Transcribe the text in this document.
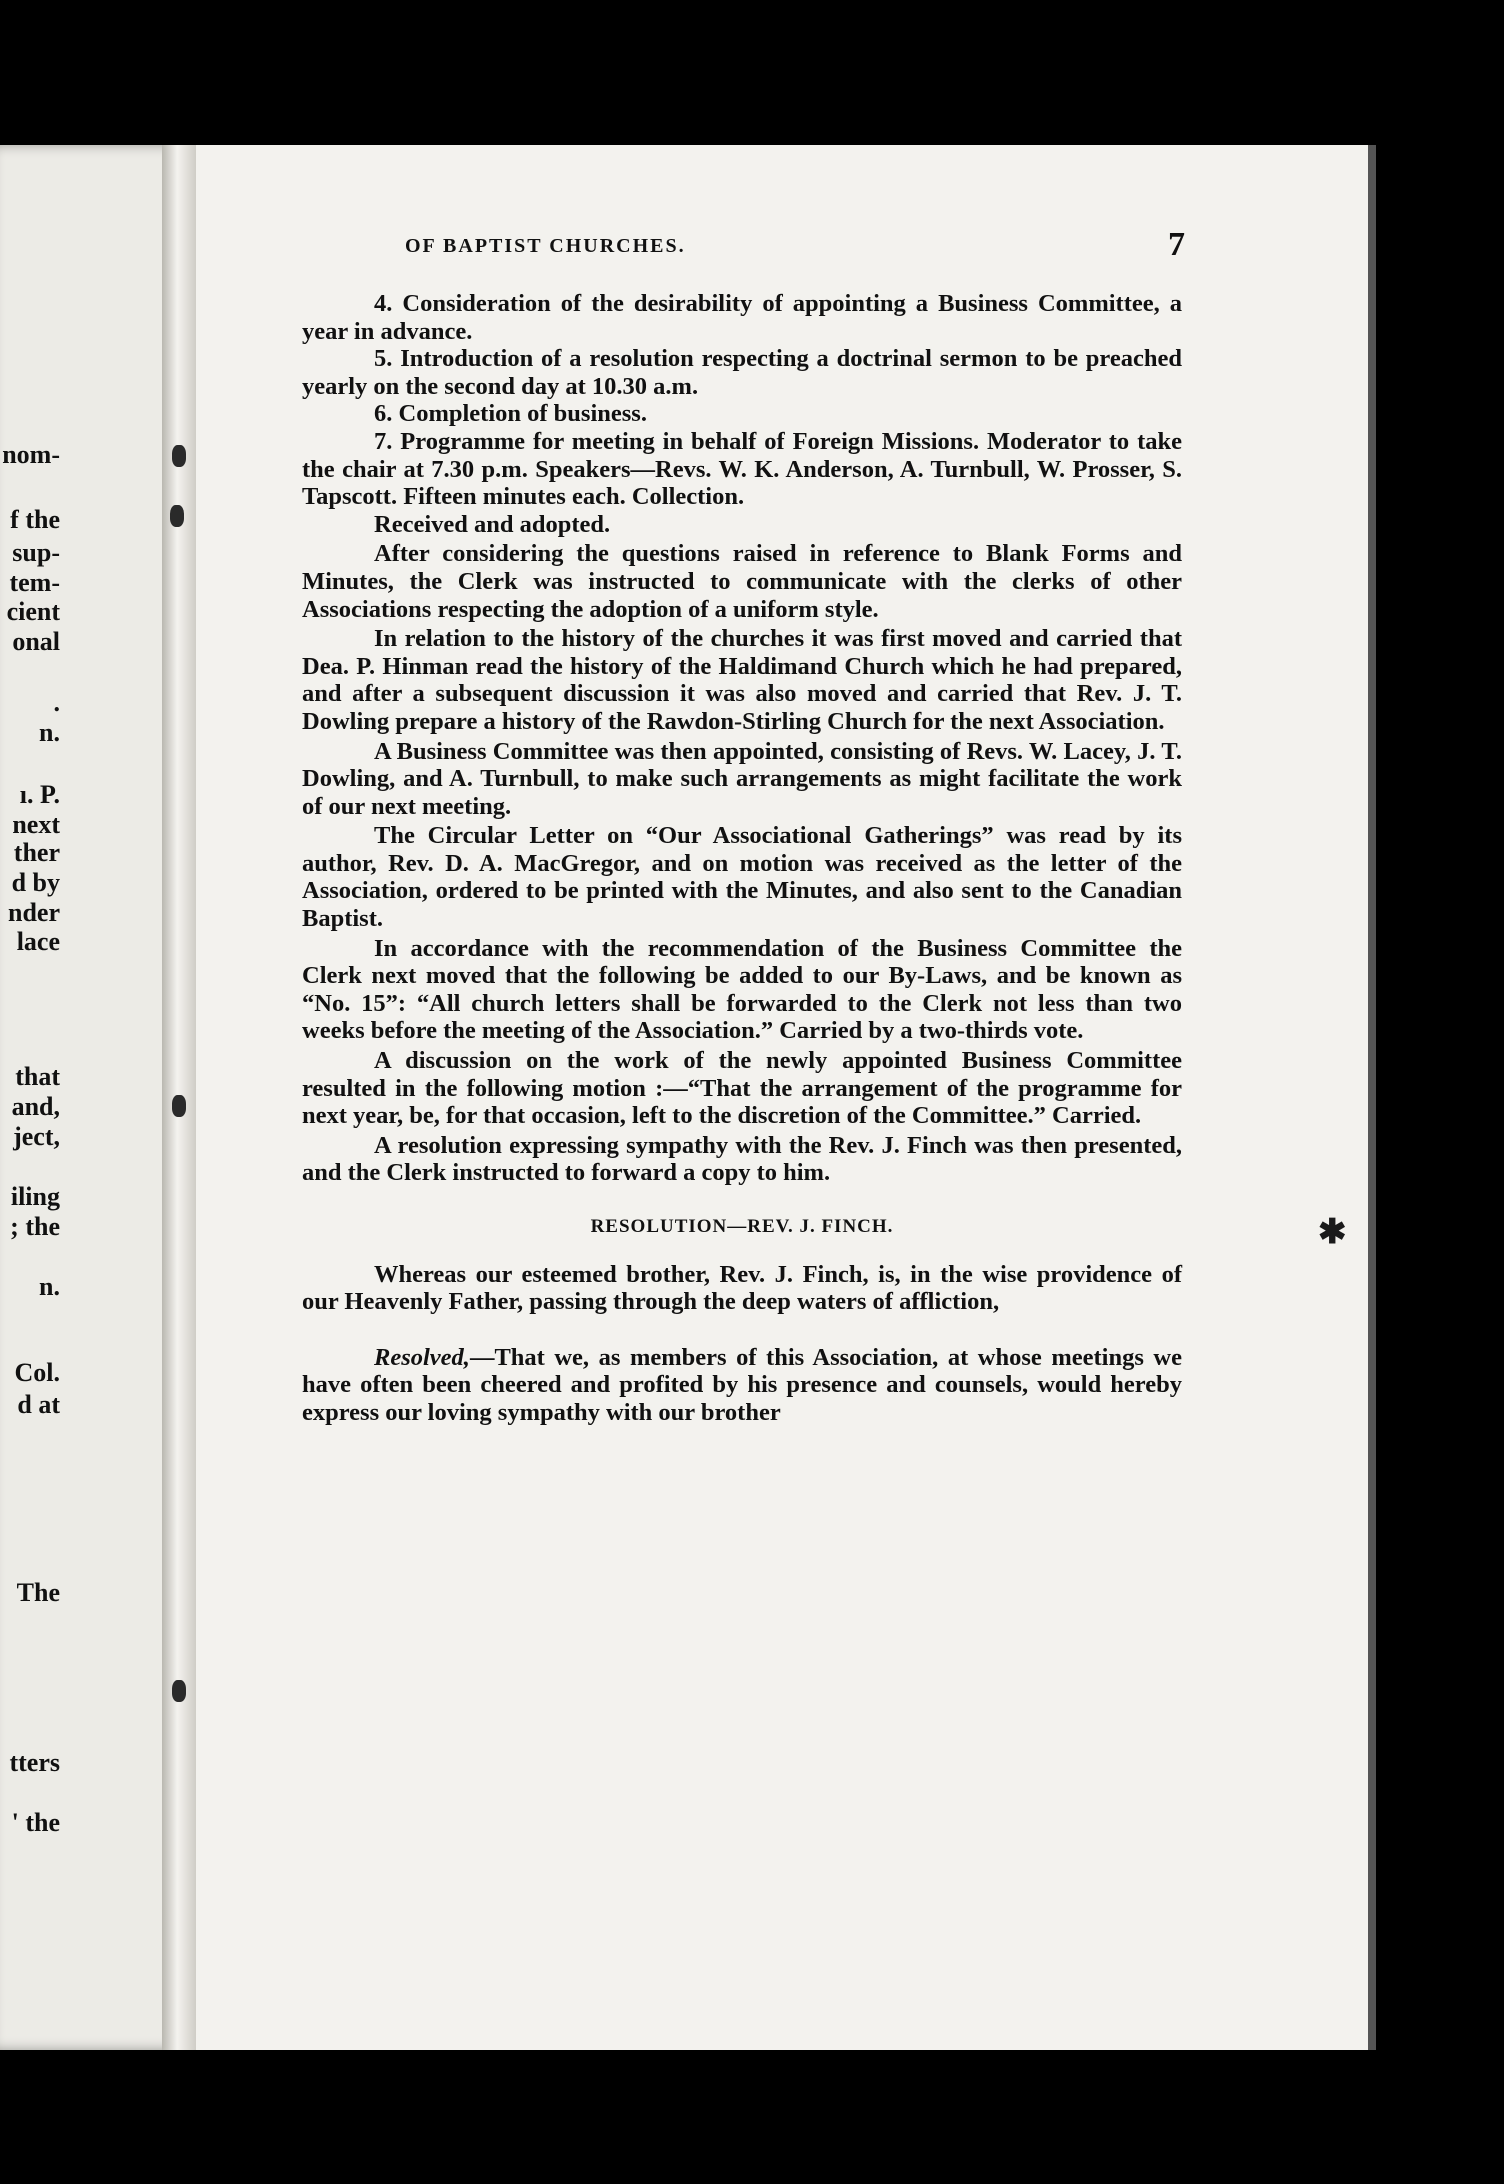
nom-
f the
sup-
tem-
cient
onal
.
n.
ı. P.
next
ther
d by
nder
lace
that
and,
ject,
iling
; the
n.
Col.
d at
The
tters
' the
OF BAPTIST CHURCHES.	7

4. Consideration of the desirability of appointing a Business Committee, a year in advance.

5. Introduction of a resolution respecting a doctrinal sermon to be preached yearly on the second day at 10.30 a.m.

6. Completion of business.

7. Programme for meeting in behalf of Foreign Missions. Moderator to take the chair at 7.30 p.m. Speakers—Revs. W. K. Anderson, A. Turnbull, W. Prosser, S. Tapscott. Fifteen minutes each. Collection.

Received and adopted.

After considering the questions raised in reference to Blank Forms and Minutes, the Clerk was instructed to communicate with the clerks of other Associations respecting the adoption of a uniform style.

In relation to the history of the churches it was first moved and carried that Dea. P. Hinman read the history of the Haldimand Church which he had prepared, and after a subsequent discussion it was also moved and carried that Rev. J. T. Dowling prepare a history of the Rawdon-Stirling Church for the next Association.

A Business Committee was then appointed, consisting of Revs. W. Lacey, J. T. Dowling, and A. Turnbull, to make such arrangements as might facilitate the work of our next meeting.

The Circular Letter on “Our Associational Gatherings” was read by its author, Rev. D. A. MacGregor, and on motion was received as the letter of the Association, ordered to be printed with the Minutes, and also sent to the Canadian Baptist.

In accordance with the recommendation of the Business Committee the Clerk next moved that the following be added to our By-Laws, and be known as “No. 15”: “All church letters shall be forwarded to the Clerk not less than two weeks before the meeting of the Association.” Carried by a two-thirds vote.

A discussion on the work of the newly appointed Business Committee resulted in the following motion :—“That the arrangement of the programme for next year, be, for that occasion, left to the discretion of the Committee.” Carried.

A resolution expressing sympathy with the Rev. J. Finch was then presented, and the Clerk instructed to forward a copy to him.

RESOLUTION—REV. J. FINCH.

Whereas our esteemed brother, Rev. J. Finch, is, in the wise providence of our Heavenly Father, passing through the deep waters of affliction,

Resolved,—That we, as members of this Association, at whose meetings we have often been cheered and profited by his presence and counsels, would hereby express our loving sympathy with our brother

✱
